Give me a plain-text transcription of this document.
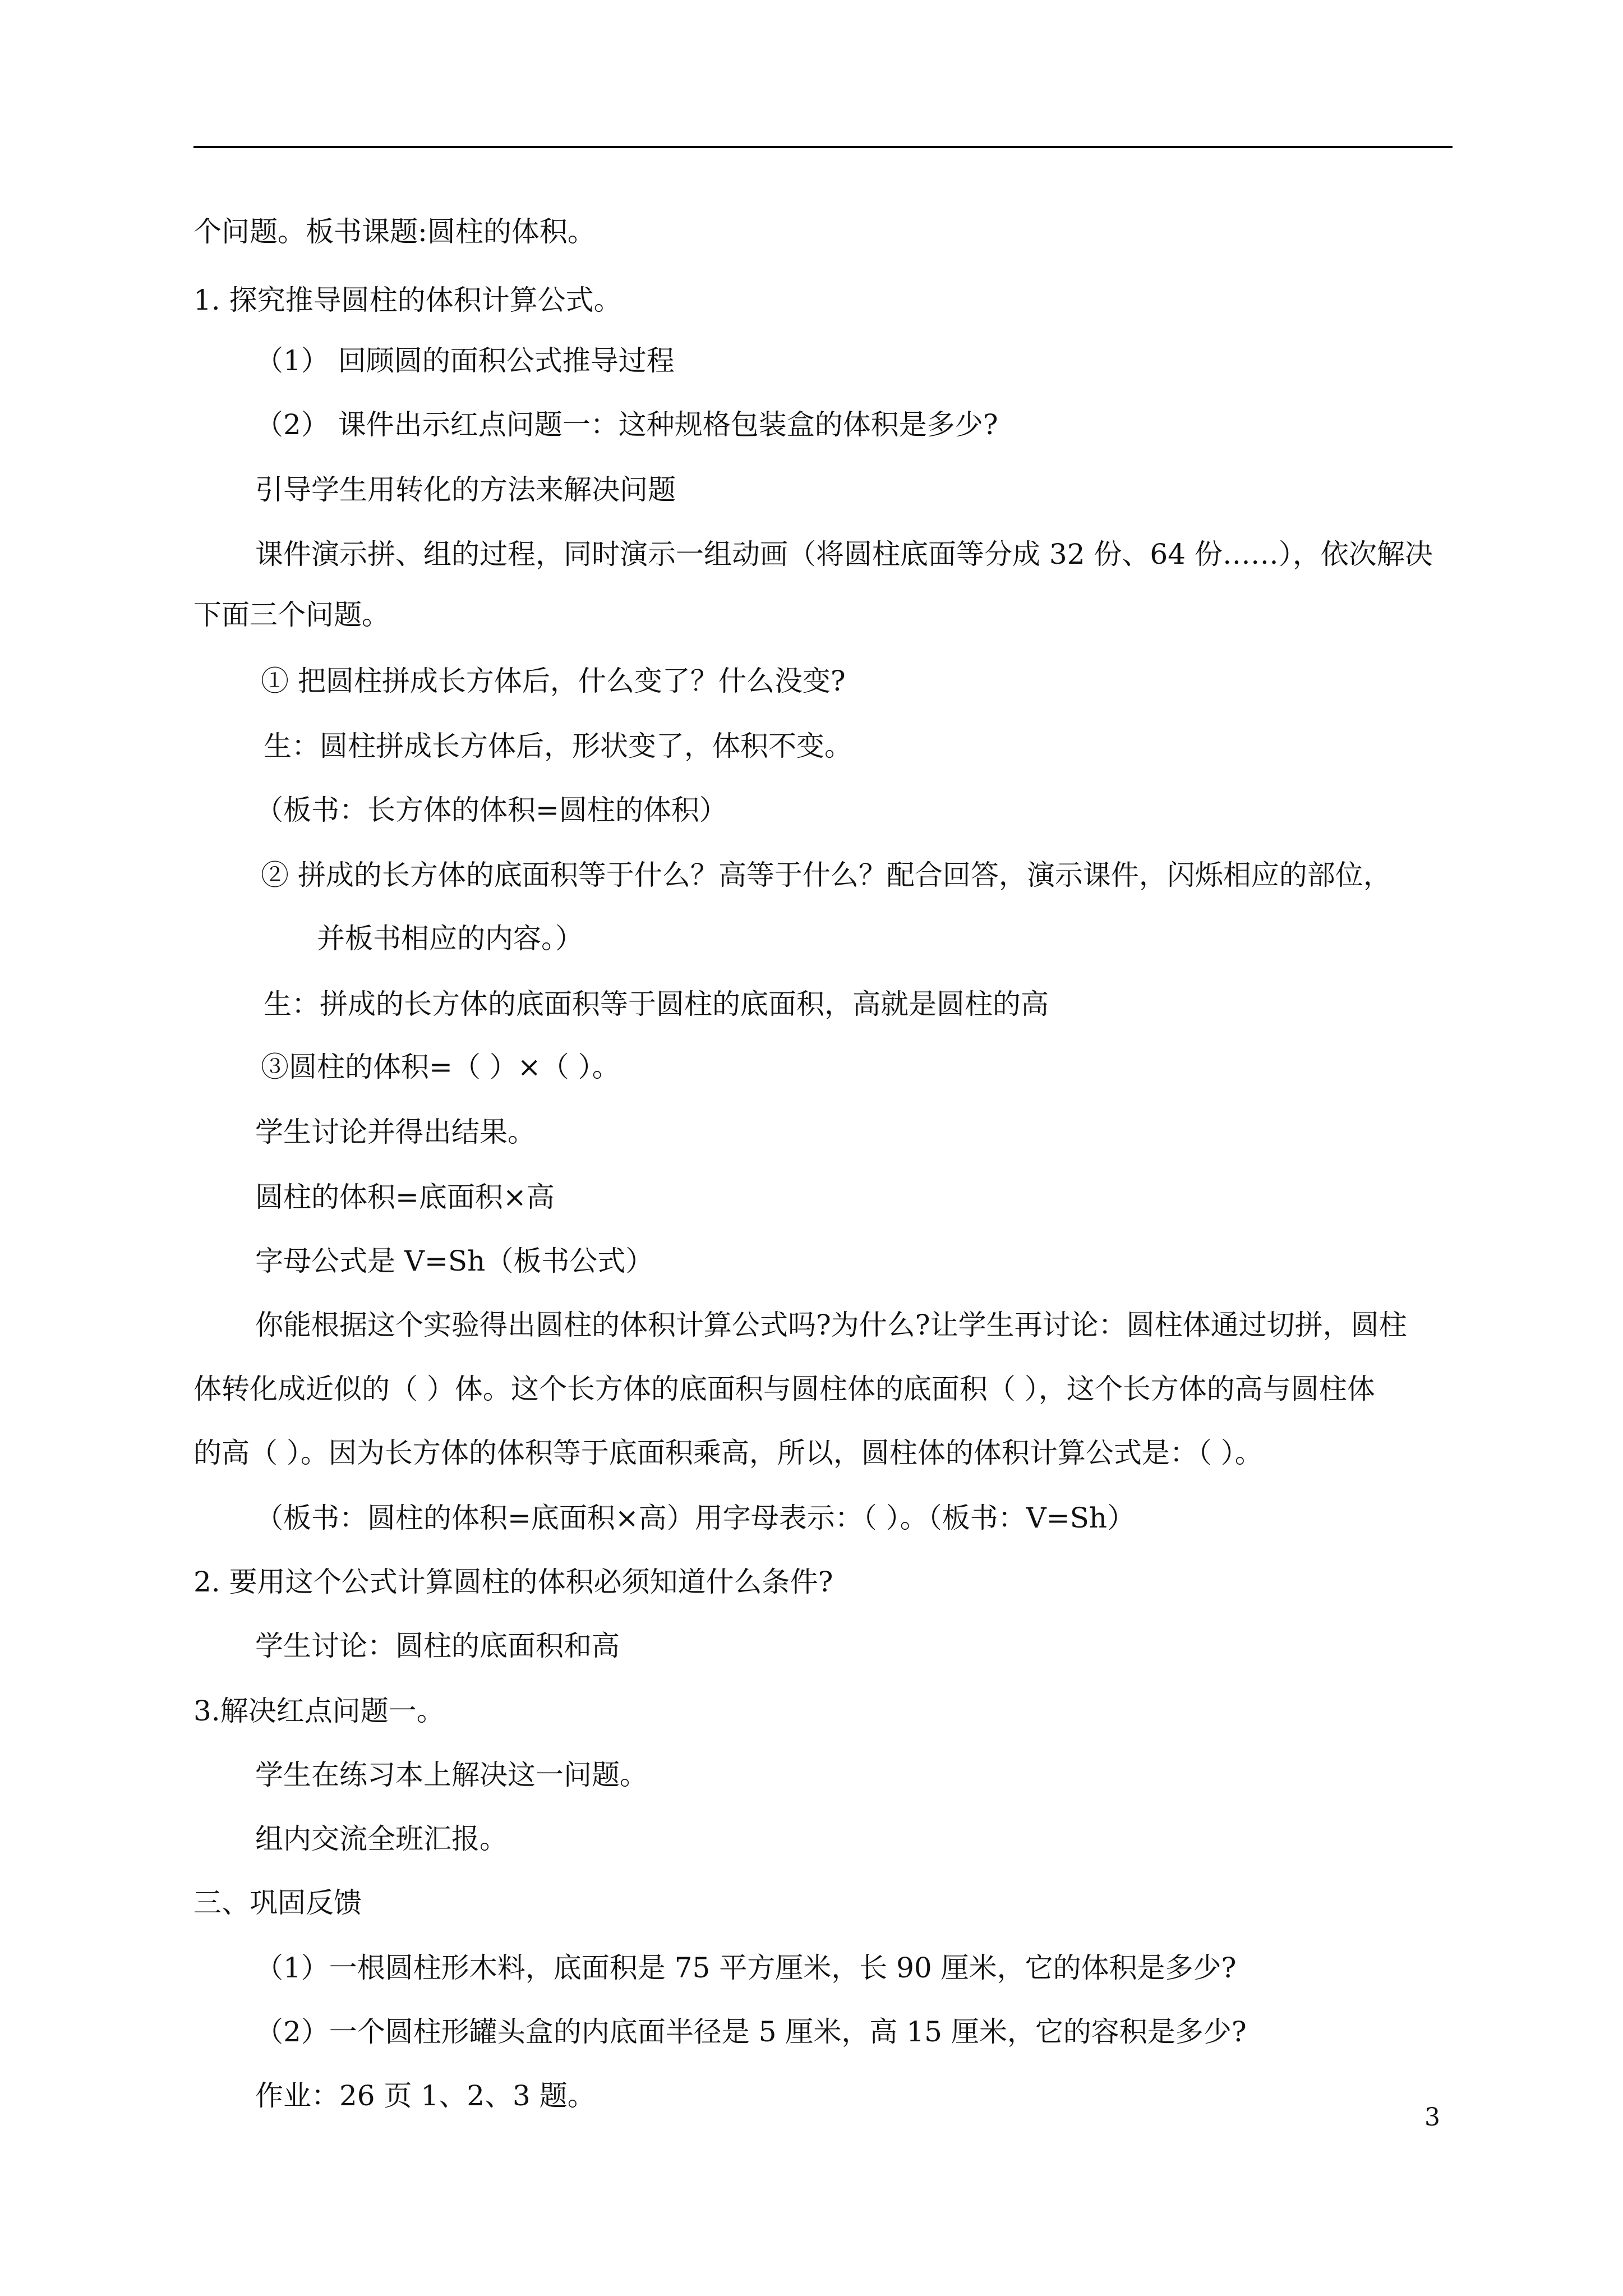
个问题。板书课题:圆柱的体积。
1. 探究推导圆柱的体积计算公式。
（1） 回顾圆的面积公式推导过程
（2） 课件出示红点问题一：这种规格包装盒的体积是多少?
引导学生用转化的方法来解决问题
课件演示拼、组的过程，同时演示一组动画（将圆柱底面等分成 32 份、64 份……），依次解决
下面三个问题。
① 把圆柱拼成长方体后，什么变了？什么没变?
生：圆柱拼成长方体后，形状变了，体积不变。
（板书：长方体的体积=圆柱的体积）
② 拼成的长方体的底面积等于什么？高等于什么？配合回答，演示课件，闪烁相应的部位，
并板书相应的内容。）
生：拼成的长方体的底面积等于圆柱的底面积，高就是圆柱的高
③圆柱的体积=（ ）×（ ）。
学生讨论并得出结果。
圆柱的体积=底面积×高
字母公式是 V=Sh（板书公式）
你能根据这个实验得出圆柱的体积计算公式吗?为什么?让学生再讨论：圆柱体通过切拼，圆柱
体转化成近似的（ ）体。这个长方体的底面积与圆柱体的底面积（ ），这个长方体的高与圆柱体
的高（ ）。因为长方体的体积等于底面积乘高，所以，圆柱体的体积计算公式是：（ ）。
（板书：圆柱的体积=底面积×高）用字母表示：（ ）。（板书：V=Sh）
2. 要用这个公式计算圆柱的体积必须知道什么条件?
学生讨论：圆柱的底面积和高
3.解决红点问题一。
学生在练习本上解决这一问题。
组内交流全班汇报。
三、巩固反馈
（1）一根圆柱形木料，底面积是 75 平方厘米，长 90 厘米，它的体积是多少?
（2）一个圆柱形罐头盒的内底面半径是 5 厘米，高 15 厘米，它的容积是多少?
作业：26 页 1、2、3 题。
3
